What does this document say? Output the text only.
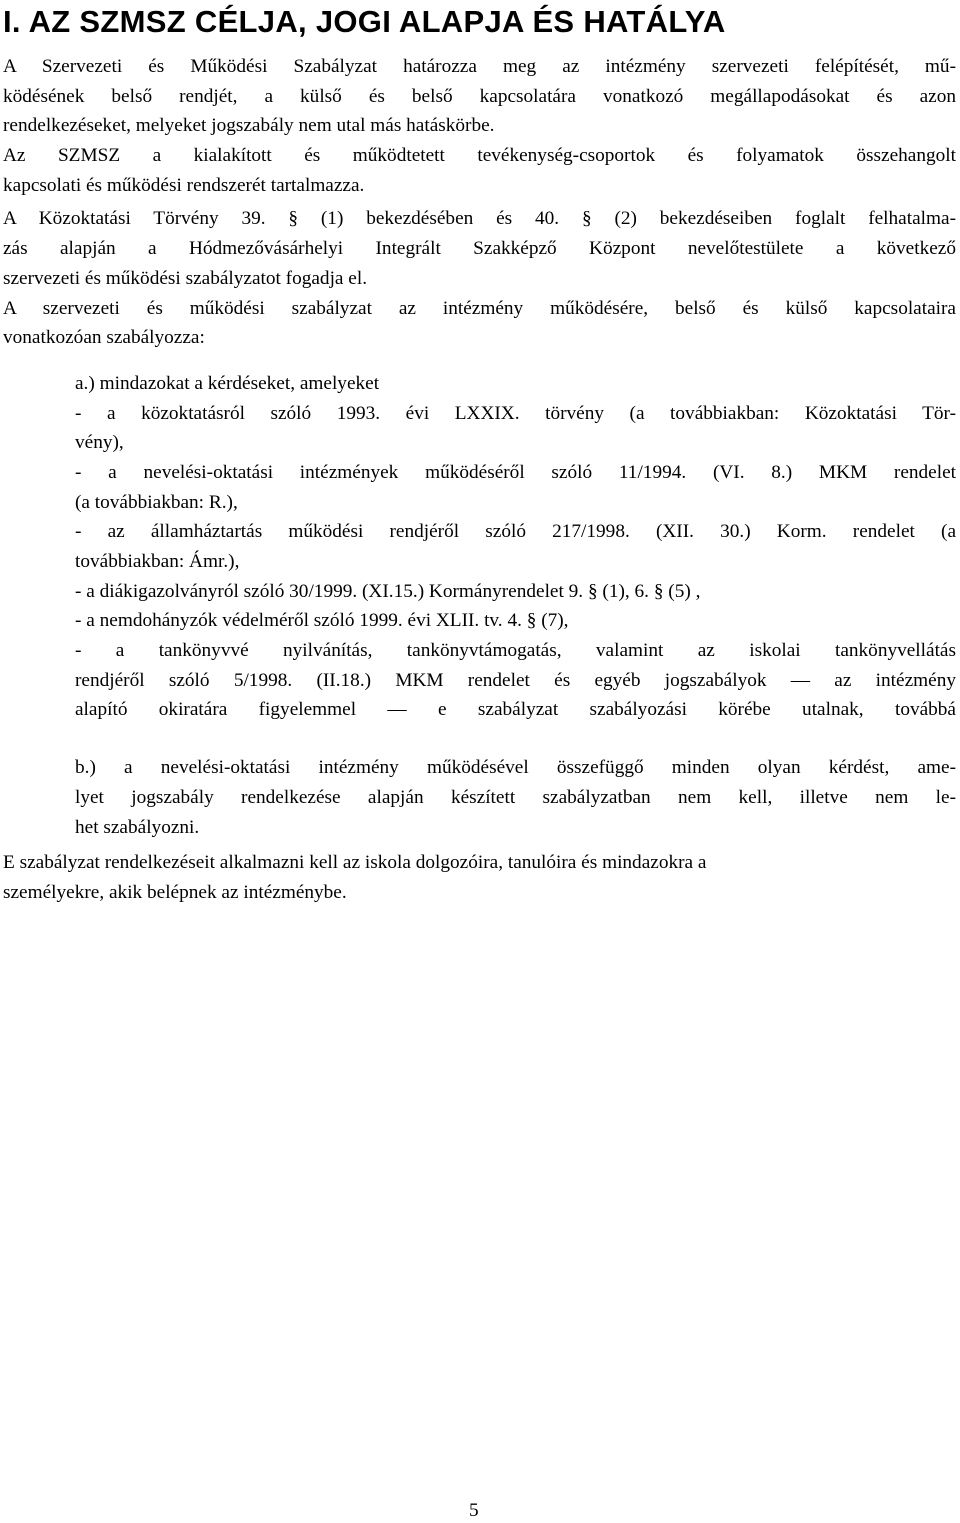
I. AZ SZMSZ CÉLJA, JOGI ALAPJA ÉS HATÁLYA
A Szervezeti és Működési Szabályzat határozza meg az intézmény szervezeti felépítését, mű-
ködésének belső rendjét, a külső és belső kapcsolatára vonatkozó megállapodásokat és azon
rendelkezéseket, melyeket jogszabály nem utal más hatáskörbe.
Az SZMSZ a kialakított és működtetett tevékenység-csoportok és folyamatok összehangolt
kapcsolati és működési rendszerét tartalmazza.
A Közoktatási Törvény 39. § (1) bekezdésében és 40. § (2) bekezdéseiben foglalt felhatalma-
zás alapján a Hódmezővásárhelyi Integrált Szakképző Központ nevelőtestülete a következő
szervezeti és működési szabályzatot fogadja el.
A szervezeti és működési szabályzat az intézmény működésére, belső és külső kapcsolataira
vonatkozóan szabályozza:
a.) mindazokat a kérdéseket, amelyeket
- a közoktatásról szóló 1993. évi LXXIX. törvény (a továbbiakban: Közoktatási Tör-
vény),
- a nevelési-oktatási intézmények működéséről szóló 11/1994. (VI. 8.) MKM rendelet
(a továbbiakban: R.),
- az államháztartás működési rendjéről szóló 217/1998. (XII. 30.) Korm. rendelet (a
továbbiakban: Ámr.),
- a diákigazolványról szóló 30/1999. (XI.15.) Kormányrendelet 9. § (1), 6. § (5) ,
- a nemdohányzók védelméről szóló 1999. évi XLII. tv. 4. § (7),
- a tankönyvvé nyilvánítás, tankönyvtámogatás, valamint az iskolai tankönyvellátás
rendjéről szóló 5/1998. (II.18.) MKM rendelet és egyéb jogszabályok — az intézmény
alapító okiratára figyelemmel — e szabályzat szabályozási körébe utalnak, továbbá
b.) a nevelési-oktatási intézmény működésével összefüggő minden olyan kérdést, ame-
lyet jogszabály rendelkezése alapján készített szabályzatban nem kell, illetve nem le-
het szabályozni.
E szabályzat rendelkezéseit alkalmazni kell az iskola dolgozóira, tanulóira és mindazokra a
személyekre, akik belépnek az intézménybe.
5
